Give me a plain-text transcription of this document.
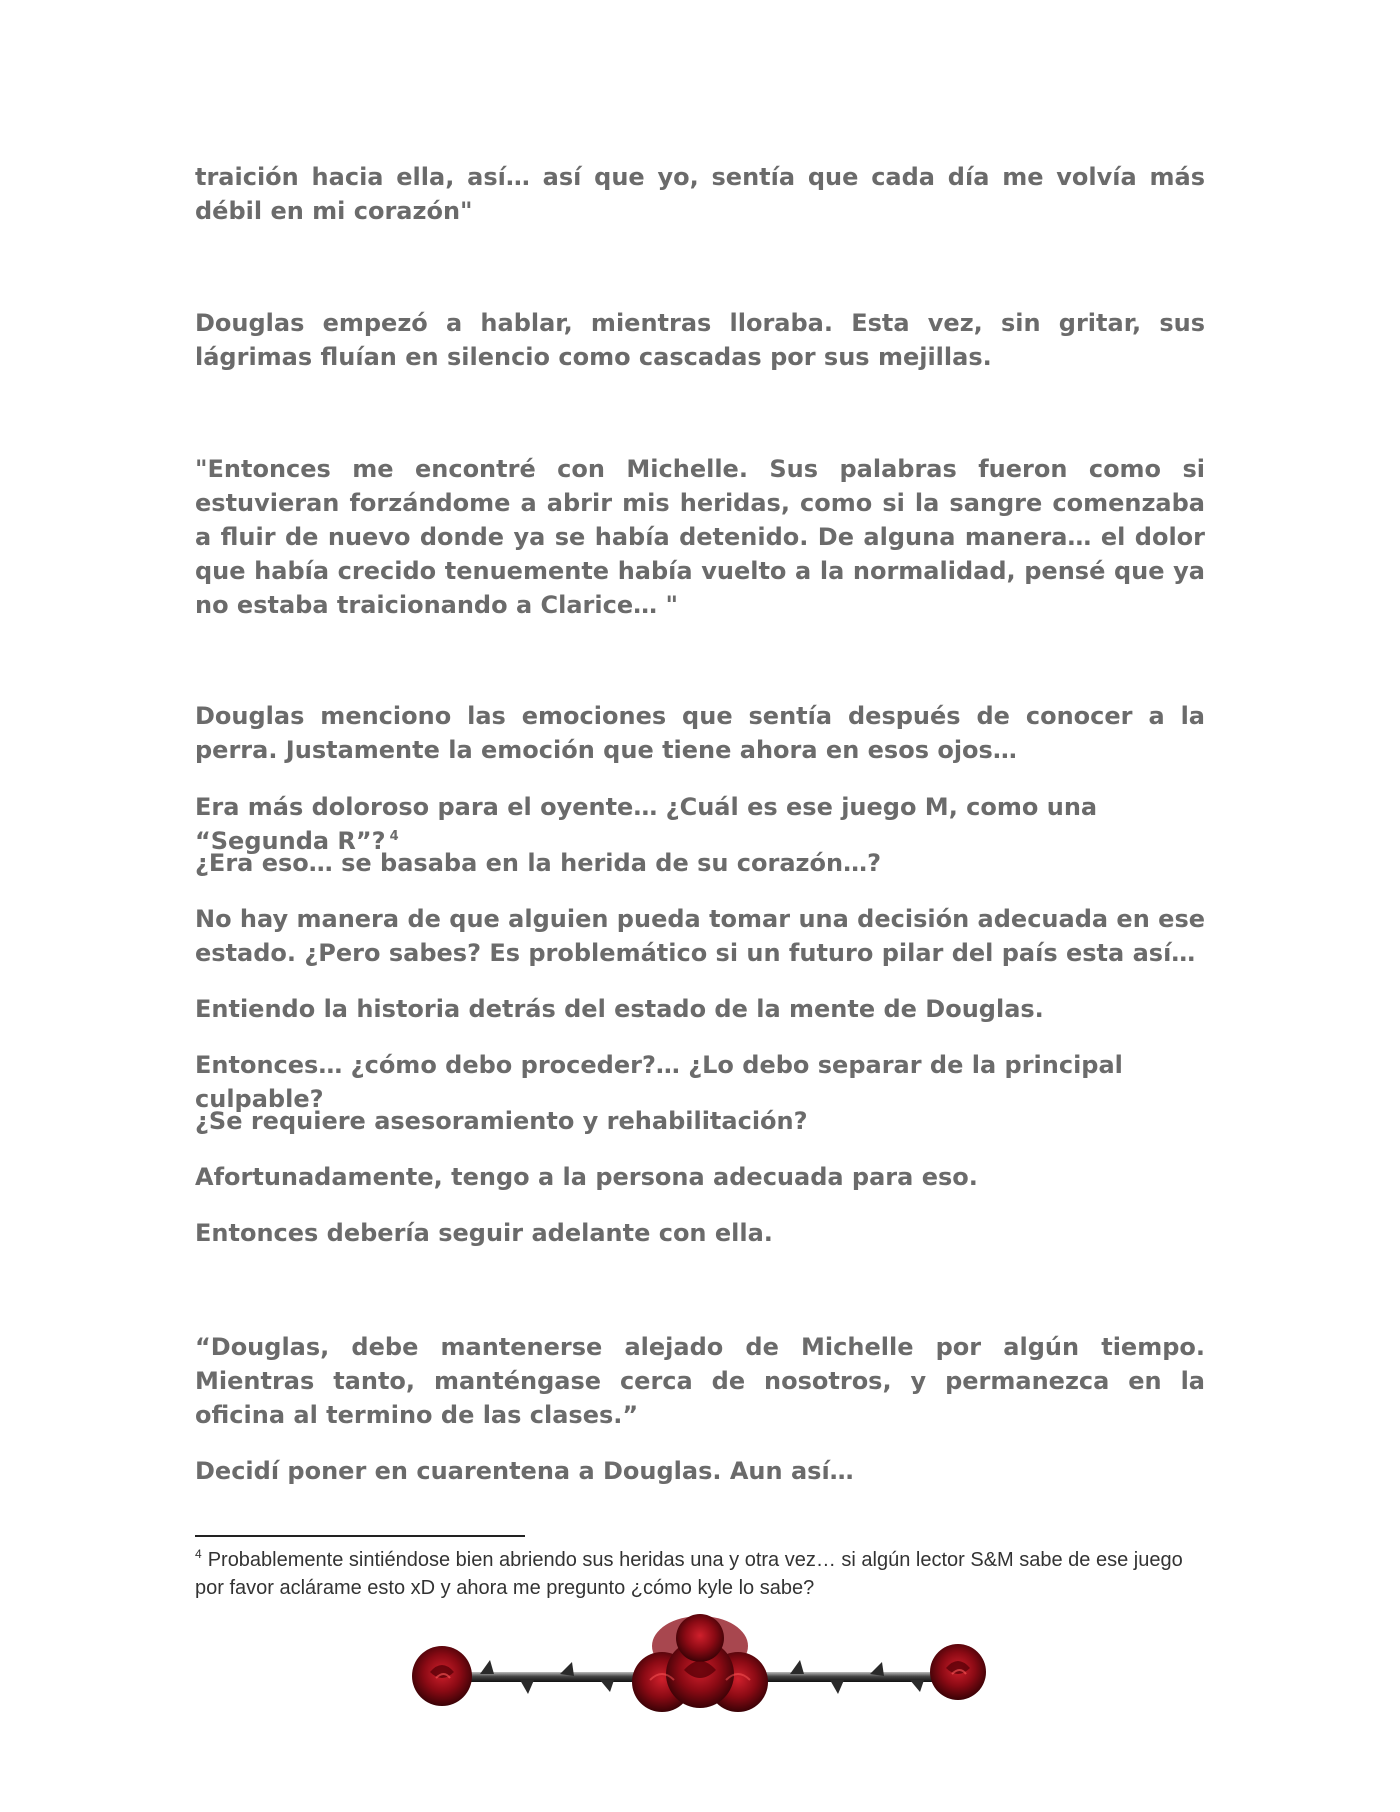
traición hacia ella, así… así que yo, sentía que cada día me volvía más débil en mi corazón"

Douglas empezó a hablar, mientras lloraba. Esta vez, sin gritar, sus lágrimas fluían en silencio como cascadas por sus mejillas.

"Entonces me encontré con Michelle. Sus palabras fueron como si estuvieran forzándome a abrir mis heridas, como si la sangre comenzaba a fluir de nuevo donde ya se había detenido. De alguna manera… el dolor que había crecido tenuemente había vuelto a la normalidad, pensé que ya no estaba traicionando a Clarice… "

Douglas menciono las emociones que sentía después de conocer a la perra. Justamente la emoción que tiene ahora en esos ojos…

Era más doloroso para el oyente… ¿Cuál es ese juego M, como una “Segunda R”? $^4$

¿Era eso… se basaba en la herida de su corazón…?

No hay manera de que alguien pueda tomar una decisión adecuada en ese estado. ¿Pero sabes? Es problemático si un futuro pilar del país esta así…

Entiendo la historia detrás del estado de la mente de Douglas.

Entonces… ¿cómo debo proceder?… ¿Lo debo separar de la principal culpable?

¿Se requiere asesoramiento y rehabilitación?

Afortunadamente, tengo a la persona adecuada para eso.

Entonces debería seguir adelante con ella.

“Douglas, debe mantenerse alejado de Michelle por algún tiempo. Mientras tanto, manténgase cerca de nosotros, y permanezca en la oficina al termino de las clases.”

Decidí poner en cuarentena a Douglas. Aun así…

$^4$ Probablemente sintiéndose bien abriendo sus heridas una y otra vez… si algún lector S&M sabe de ese juego por favor aclárame esto xD y ahora me pregunto ¿cómo kyle lo sabe?
